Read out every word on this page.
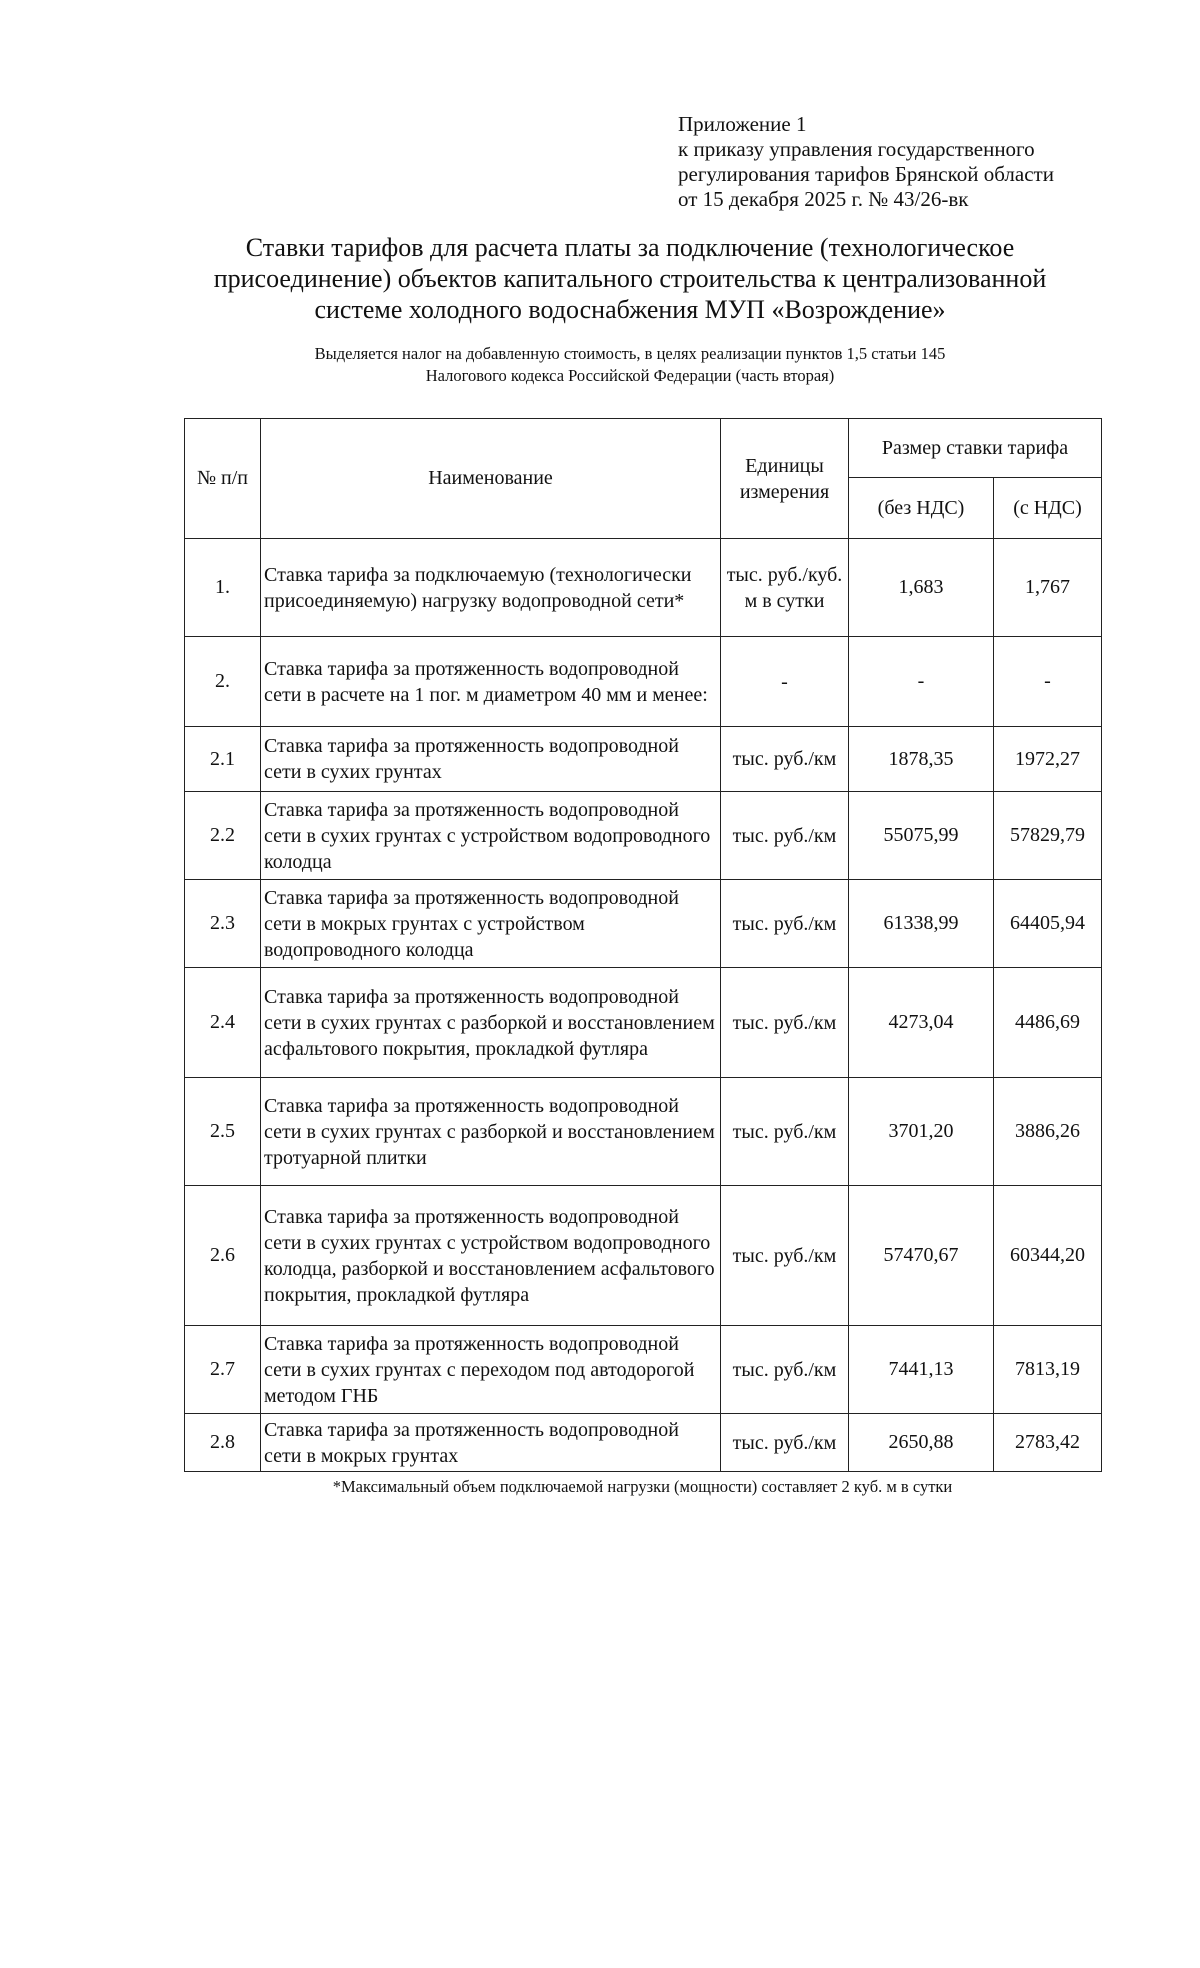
Приложение 1
к приказу управления государственного
регулирования тарифов Брянской области
от 15 декабря 2025 г. № 43/26-вк
Ставки тарифов для расчета платы за подключение (технологическое
присоединение) объектов капитального строительства к централизованной
системе холодного водоснабжения МУП «Возрождение»
Выделяется налог на добавленную стоимость, в целях реализации пунктов 1,5 статьи 145
Налогового кодекса Российской Федерации (часть вторая)
№ п/п	Наименование	Единицы измерения	Размер ставки тарифа	
			(без НДС)	(с НДС)
1.	Ставка тарифа за подключаемую (технологически присоединяемую) нагрузку водопроводной сети*	тыс. руб./куб. м в сутки	1,683	1,767
2.	Ставка тарифа за протяженность водопроводной сети в расчете на 1 пог. м диаметром 40 мм и менее:	-	-	-
2.1	Ставка тарифа за протяженность водопроводной сети в сухих грунтах	тыс. руб./км	1878,35	1972,27
2.2	Ставка тарифа за протяженность водопроводной сети в сухих грунтах с устройством водопроводного колодца	тыс. руб./км	55075,99	57829,79
2.3	Ставка тарифа за протяженность водопроводной сети в мокрых грунтах с устройством водопроводного колодца	тыс. руб./км	61338,99	64405,94
2.4	Ставка тарифа за протяженность водопроводной сети в сухих грунтах с разборкой и восстановлением асфальтового покрытия, прокладкой футляра	тыс. руб./км	4273,04	4486,69
2.5	Ставка тарифа за протяженность водопроводной сети в сухих грунтах с разборкой и восстановлением тротуарной плитки	тыс. руб./км	3701,20	3886,26
2.6	Ставка тарифа за протяженность водопроводной сети в сухих грунтах с устройством водопроводного колодца, разборкой и восстановлением асфальтового покрытия, прокладкой футляра	тыс. руб./км	57470,67	60344,20
2.7	Ставка тарифа за протяженность водопроводной сети в сухих грунтах с переходом под автодорогой методом ГНБ	тыс. руб./км	7441,13	7813,19
2.8	Ставка тарифа за протяженность водопроводной сети в мокрых грунтах	тыс. руб./км	2650,88	2783,42
*Максимальный объем подключаемой нагрузки (мощности) составляет 2 куб. м в сутки
